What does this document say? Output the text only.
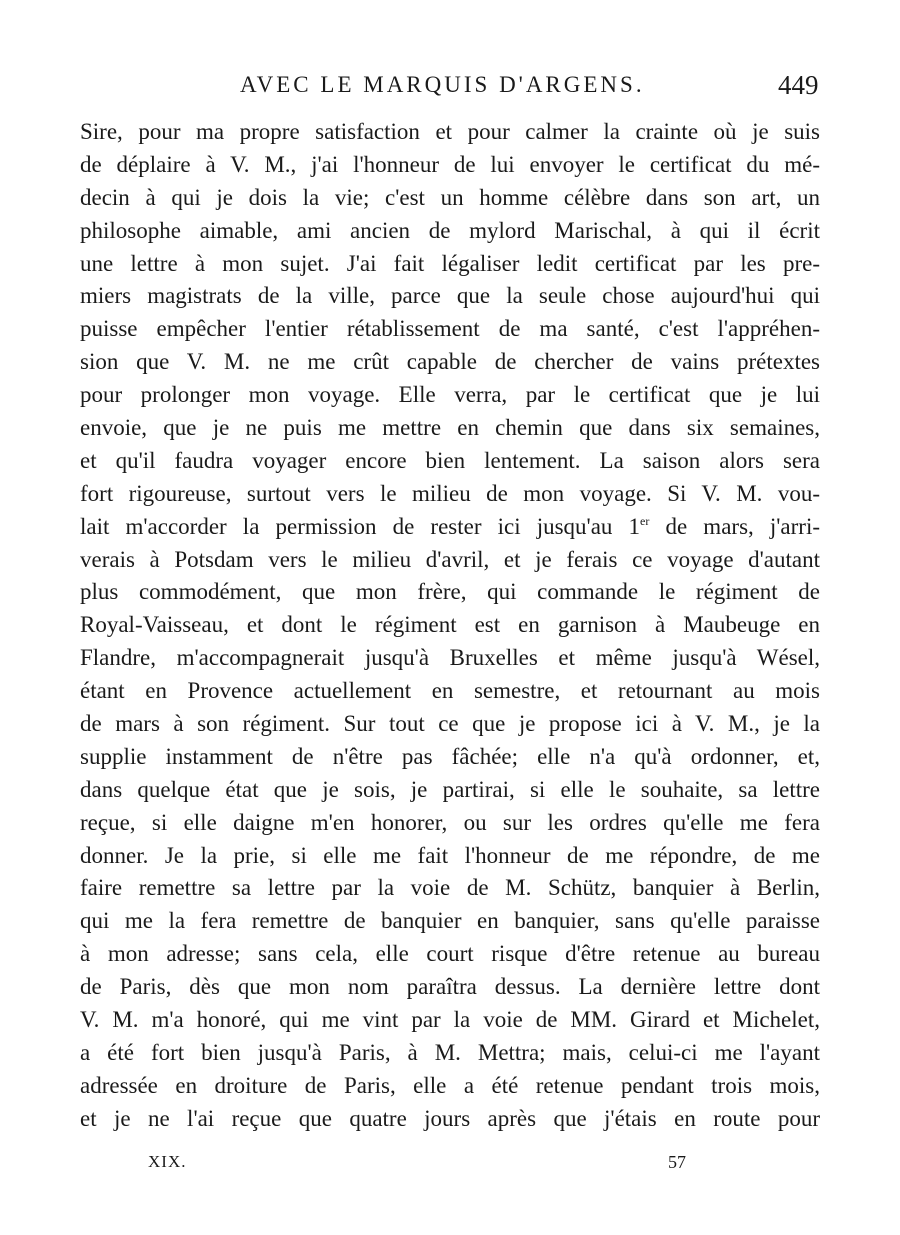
AVEC LE MARQUIS D'ARGENS.	449
Sire, pour ma propre satisfaction et pour calmer la crainte où je suis
de déplaire à V. M., j'ai l'honneur de lui envoyer le certificat du mé-
decin à qui je dois la vie; c'est un homme célèbre dans son art, un
philosophe aimable, ami ancien de mylord Marischal, à qui il écrit
une lettre à mon sujet. J'ai fait légaliser ledit certificat par les pre-
miers magistrats de la ville, parce que la seule chose aujourd'hui qui
puisse empêcher l'entier rétablissement de ma santé, c'est l'appréhen-
sion que V. M. ne me crût capable de chercher de vains prétextes
pour prolonger mon voyage. Elle verra, par le certificat que je lui
envoie, que je ne puis me mettre en chemin que dans six semaines,
et qu'il faudra voyager encore bien lentement. La saison alors sera
fort rigoureuse, surtout vers le milieu de mon voyage. Si V. M. vou-
lait m'accorder la permission de rester ici jusqu'au 1er de mars, j'arri-
verais à Potsdam vers le milieu d'avril, et je ferais ce voyage d'autant
plus commodément, que mon frère, qui commande le régiment de
Royal-Vaisseau, et dont le régiment est en garnison à Maubeuge en
Flandre, m'accompagnerait jusqu'à Bruxelles et même jusqu'à Wésel,
étant en Provence actuellement en semestre, et retournant au mois
de mars à son régiment. Sur tout ce que je propose ici à V. M., je la
supplie instamment de n'être pas fâchée; elle n'a qu'à ordonner, et,
dans quelque état que je sois, je partirai, si elle le souhaite, sa lettre
reçue, si elle daigne m'en honorer, ou sur les ordres qu'elle me fera
donner. Je la prie, si elle me fait l'honneur de me répondre, de me
faire remettre sa lettre par la voie de M. Schütz, banquier à Berlin,
qui me la fera remettre de banquier en banquier, sans qu'elle paraisse
à mon adresse; sans cela, elle court risque d'être retenue au bureau
de Paris, dès que mon nom paraîtra dessus. La dernière lettre dont
V. M. m'a honoré, qui me vint par la voie de MM. Girard et Michelet,
a été fort bien jusqu'à Paris, à M. Mettra; mais, celui-ci me l'ayant
adressée en droiture de Paris, elle a été retenue pendant trois mois,
et je ne l'ai reçue que quatre jours après que j'étais en route pour
XIX.	57
